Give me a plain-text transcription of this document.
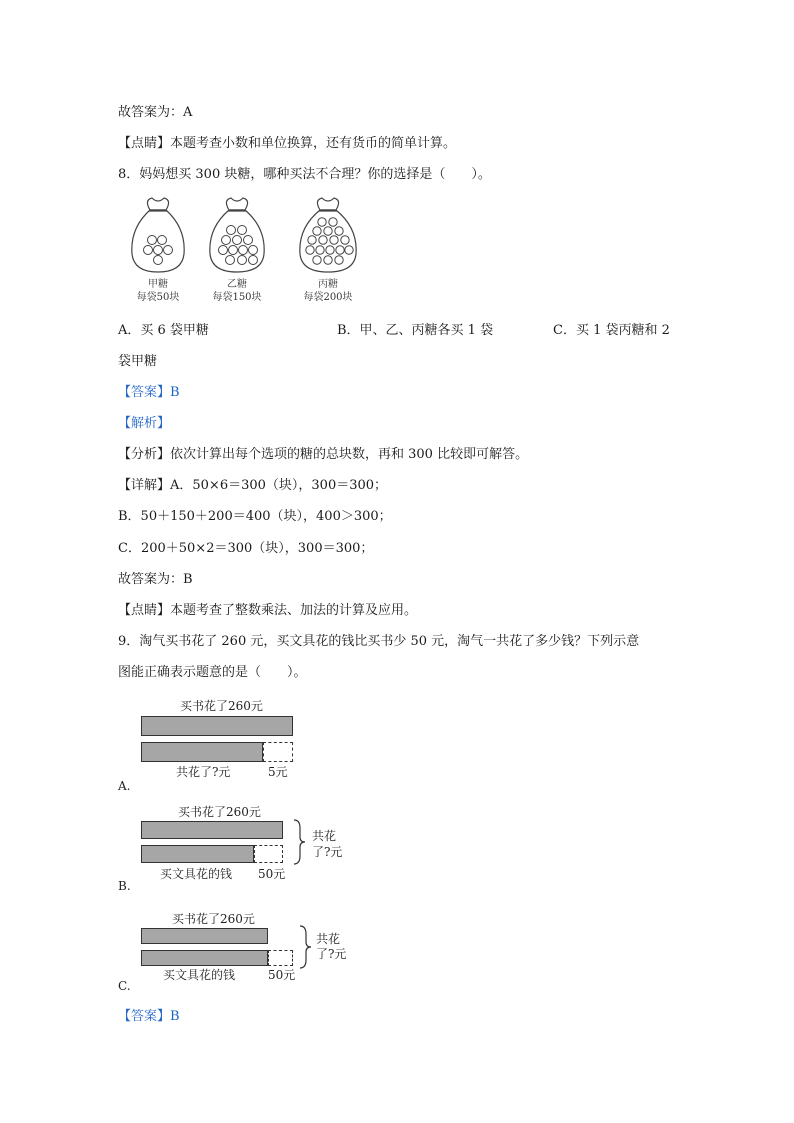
故答案为：A
【点睛】本题考查小数和单位换算，还有货币的简单计算。
8．妈妈想买 300 块糖，哪种买法不合理？你的选择是（　　）。
甲糖
每袋50块
乙糖
每袋150块
丙糖
每袋200块
A．买 6 袋甲糖	B．甲、乙、丙糖各买 1 袋	C．买 1 袋丙糖和 2
袋甲糖
【答案】B
【解析】
【分析】依次计算出每个选项的糖的总块数，再和 300 比较即可解答。
【详解】A．50×6＝300（块），300＝300；
B．50＋150＋200＝400（块），400＞300；
C．200＋50×2＝300（块），300＝300；
故答案为：B
【点睛】本题考查了整数乘法、加法的计算及应用。
9．淘气买书花了 260 元，买文具花的钱比买书少 50 元，淘气一共花了多少钱？下列示意
图能正确表示题意的是（　　）。
买书花了260元
共花了?元	5元
A.
买书花了260元
共花
了?元
买文具花的钱 50元
B.
买书花了260元
共花
了?元
买文具花的钱	50元
C.
【答案】B
